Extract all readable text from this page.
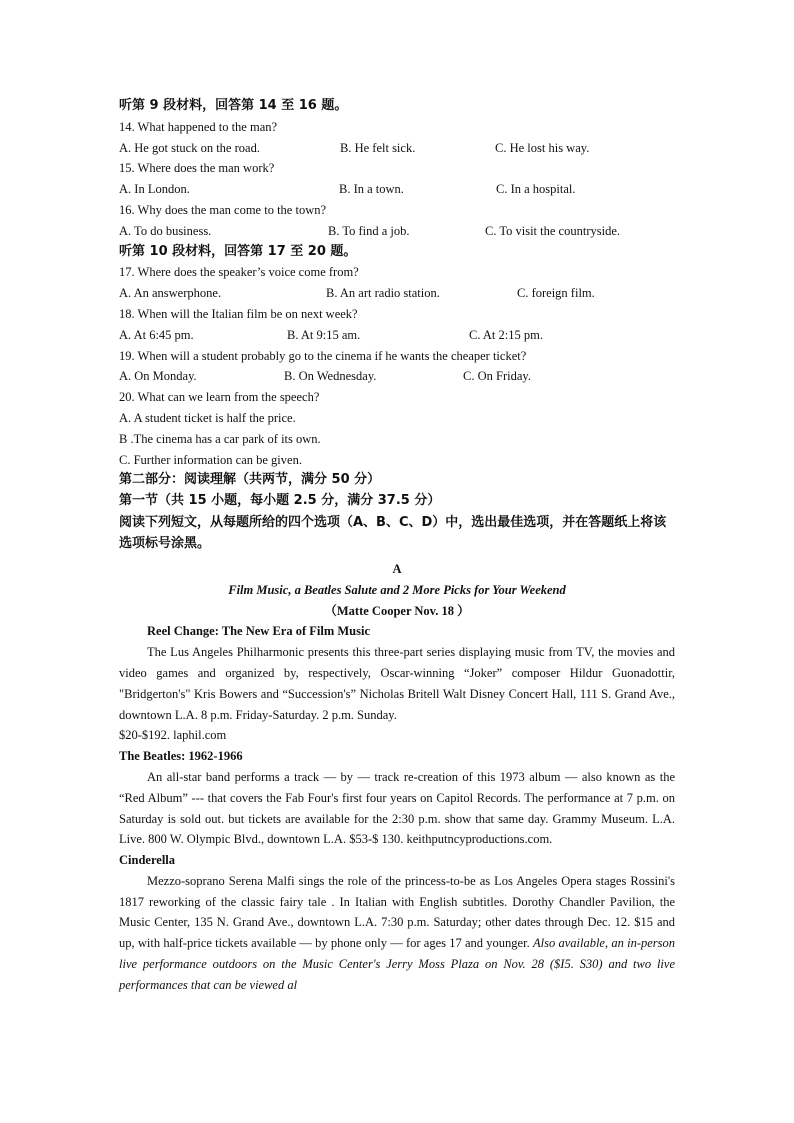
听第 9 段材料，回答第 14 至 16 题。
14. What happened to the man?
A. He got stuck on the road.	B. He felt sick.	C. He lost his way.
15. Where does the man work?
A. In London.	B. In a town.	C. In a hospital.
16. Why does the man come to the town?
A. To do business.	B. To find a job.	C. To visit the countryside.
听第 10 段材料，回答第 17 至 20 题。
17. Where does the speaker’s voice come from?
A. An answerphone.	B. An art radio station.	C. foreign film.
18. When will the Italian film be on next week?
A. At 6:45 pm.	B. At 9:15 am.	C. At 2:15 pm.
19. When will a student probably go to the cinema if he wants the cheaper ticket?
A. On Monday.	B. On Wednesday.	C. On Friday.
20. What can we learn from the speech?
A. A student ticket is half the price.
B .The cinema has a car park of its own.
C. Further information can be given.
第二部分：阅读理解（共两节，满分 50 分）
第一节（共 15 小题，每小题 2.5 分，满分 37.5 分）
阅读下列短文，从每题所给的四个选项（A、B、C、D）中，选出最佳选项，并在答题纸上将该选项标号涂黑。
A
Film Music, a Beatles Salute and 2 More Picks for Your Weekend
（Matte Cooper Nov. 18 ）
Reel Change: The New Era of Film Music

The Lus Angeles Philharmonic presents this three-part series displaying music from TV, the movies and video games and organized by, respectively, Oscar-winning “Joker” composer Hildur Guonadottir, "Bridgerton's" Kris Bowers and “Succession's” Nicholas Britell Walt Disney Concert Hall, 111 S. Grand Ave., downtown L.A. 8 p.m. Friday-Saturday. 2 p.m. Sunday.

$20-$192. laphil.com
The Beatles: 1962-1966

An all-star band performs a track — by — track re-creation of this 1973 album — also known as the “Red Album” --- that covers the Fab Four's first four years on Capitol Records. The performance at 7 p.m. on Saturday is sold out. but tickets are available for the 2:30 p.m. show that same day. Grammy Museum. L.A. Live. 800 W. Olympic Blvd., downtown L.A. $53-$ 130. keithputncyproductions.com.

Cinderella

Mezzo-soprano Serena Malfi sings the role of the princess-to-be as Los Angeles Opera stages Rossini's 1817 reworking of the classic fairy tale . In Italian with English subtitles. Dorothy Chandler Pavilion, the Music Center, 135 N. Grand Ave., downtown L.A. 7:30 p.m. Saturday; other dates through Dec. 12. $15 and up, with half-price tickets available — by phone only — for ages 17 and younger. Also available, an in-person live performance outdoors on the Music Center's Jerry Moss Plaza on Nov. 28 ($I5. S30) and two live performances that can be viewed al
